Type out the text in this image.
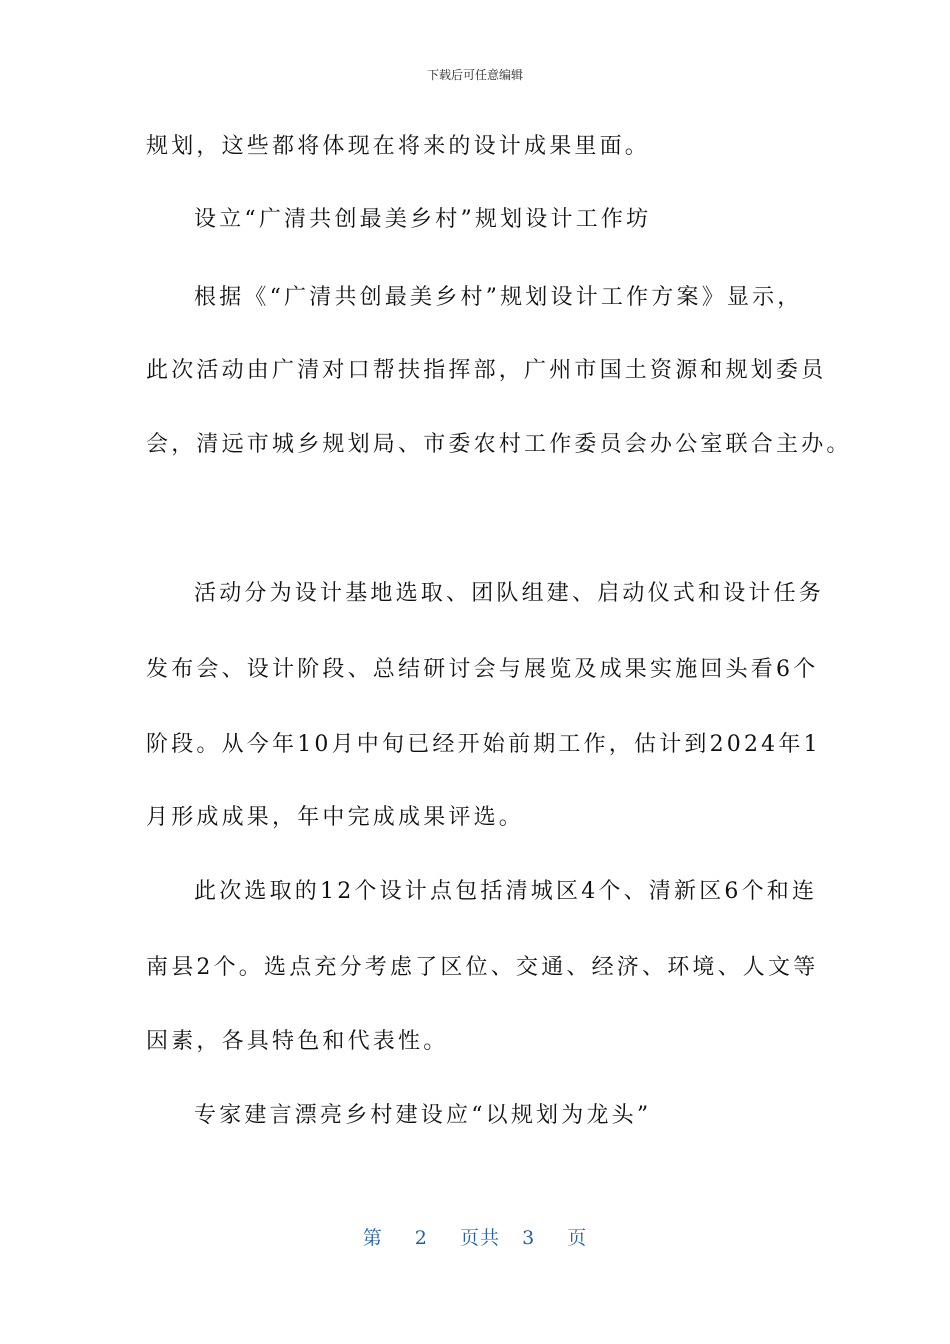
下载后可任意编辑
规划，这些都将体现在将来的设计成果里面。
设立“广清共创最美乡村”规划设计工作坊
根据《“广清共创最美乡村”规划设计工作方案》显示，
此次活动由广清对口帮扶指挥部，广州市国土资源和规划委员
会，清远市城乡规划局、市委农村工作委员会办公室联合主办。
活动分为设计基地选取、团队组建、启动仪式和设计任务
发布会、设计阶段、总结研讨会与展览及成果实施回头看6个
阶段。从今年10月中旬已经开始前期工作，估计到2024年1
月形成成果，年中完成成果评选。
此次选取的12个设计点包括清城区4个、清新区6个和连
南县2个。选点充分考虑了区位、交通、经济、环境、人文等
因素，各具特色和代表性。
专家建言漂亮乡村建设应“以规划为龙头”
第 2 页共 3 页
